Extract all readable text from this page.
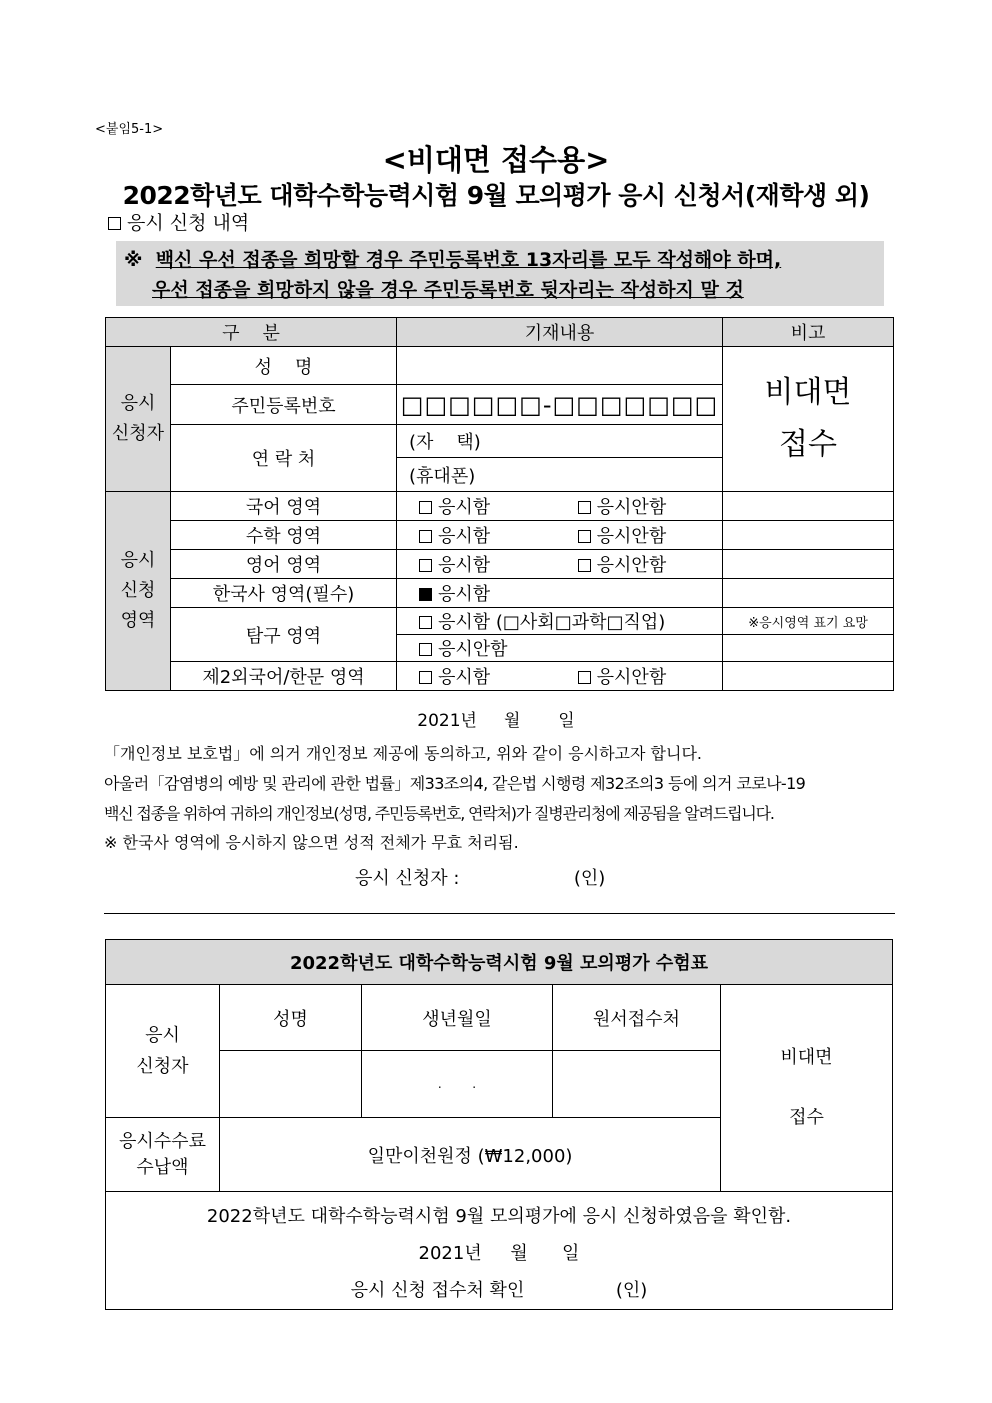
<붙임5-1>
<비대면 접수용>
2022학년도 대학수학능력시험 9월 모의평가 응시 신청서(재학생 외)
응시 신청 내역
※ 백신 우선 접종을 희망할 경우 주민등록번호 13자리를 모두 작성해야 하며,
우선 접종을 희망하지 않을 경우 주민등록번호 뒷자리는 작성하지 말 것
구    분		기재내용	비고
응시
신청자	성    명		비대면
접수
	주민등록번호	□□□□□□-□□□□□□□	
	연 락 처	(자    택)	
		(휴대폰)	
응시
신청
영역	국어 영역	응시함 응시안함	
	수학 영역	응시함 응시안함	
	영어 영역	응시함 응시안함	
	한국사 영역(필수)	응시함	
	탐구 영역	응시함 (□사회□과학□직업)	※응시영역 표기 요망
		응시안함	
	제2외국어/한문 영역	응시함 응시안함	
2021년     월       일
「개인정보 보호법」에 의거 개인정보 제공에 동의하고, 위와 같이 응시하고자 합니다.
아울러「감염병의 예방 및 관리에 관한 법률」제33조의4, 같은법 시행령 제32조의3 등에 의거 코로나-19
백신 접종을 위하여 귀하의 개인정보(성명, 주민등록번호, 연락처)가 질병관리청에 제공됨을 알려드립니다.
※ 한국사 영역에 응시하지 않으면 성적 전체가 무효 처리됨.
응시 신청자 :                    (인)
2022학년도 대학수학능력시험 9월 모의평가 수험표				
응시
신청자	성명	생년월일	원서접수처	비대면
접수
		.        .		
응시수수료
수납액	일만이천원정 (₩12,000)			

2022학년도 대학수학능력시험 9월 모의평가에 응시 신청하였음을 확인함.
2021년     월      일
응시 신청 접수처 확인                (인)				
